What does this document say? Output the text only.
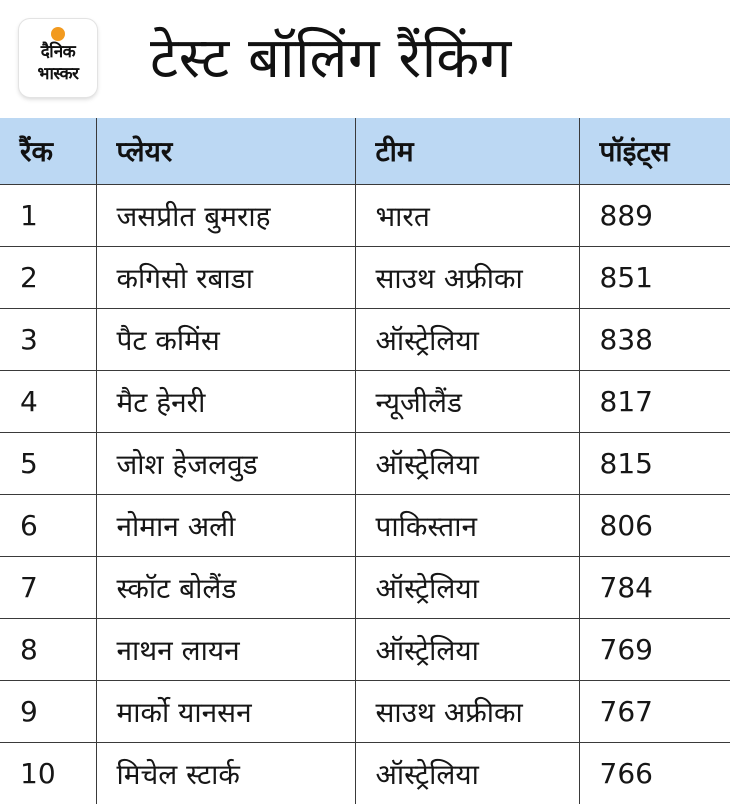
दैनिक
भास्कर	टेस्ट बॉलिंग रैंकिंग
रैंक	प्लेयर	टीम	पॉइंट्स
1	जसप्रीत बुमराह	भारत	889
2	कगिसो रबाडा	साउथ अफ्रीका	851
3	पैट कमिंस	ऑस्ट्रेलिया	838
4	मैट हेनरी	न्यूजीलैंड	817
5	जोश हेजलवुड	ऑस्ट्रेलिया	815
6	नोमान अली	पाकिस्तान	806
7	स्कॉट बोलैंड	ऑस्ट्रेलिया	784
8	नाथन लायन	ऑस्ट्रेलिया	769
9	मार्को यानसन	साउथ अफ्रीका	767
10	मिचेल स्टार्क	ऑस्ट्रेलिया	766
